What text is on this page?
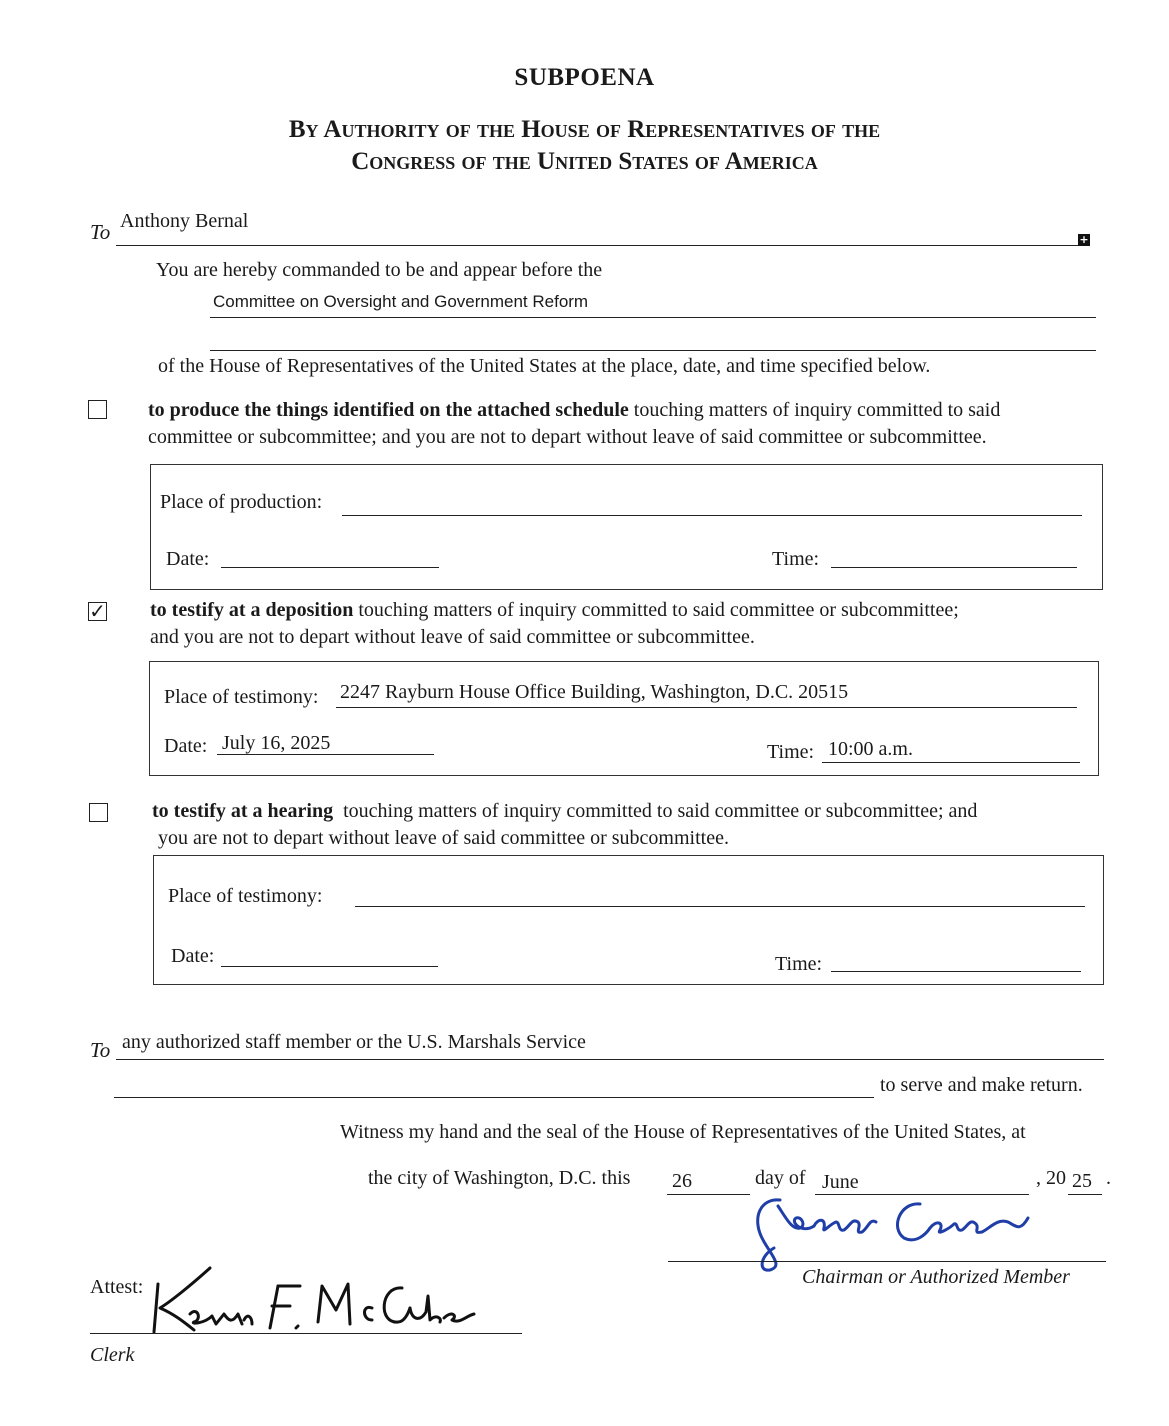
SUBPOENA
By Authority of the House of Representatives of the
Congress of the United States of America
To Anthony Bernal
+
You are hereby commanded to be and appear before the
Committee on Oversight and Government Reform
of the House of Representatives of the United States at the place, date, and time specified below.
to produce the things identified on the attached schedule touching matters of inquiry committed to said
committee or subcommittee; and you are not to depart without leave of said committee or subcommittee.
Place of production:
Date:	Time:
✓ to testify at a deposition touching matters of inquiry committed to said committee or subcommittee;
and you are not to depart without leave of said committee or subcommittee.
Place of testimony: 2247 Rayburn House Office Building, Washington, D.C. 20515
Date: July 16, 2025	Time: 10:00 a.m.
to testify at a hearing  touching matters of inquiry committed to said committee or subcommittee; and
you are not to depart without leave of said committee or subcommittee.
Place of testimony:
Date:	Time:
To any authorized staff member or the U.S. Marshals Service
to serve and make return.
Witness my hand and the seal of the House of Representatives of the United States, at
the city of Washington, D.C. this 26	day of June	, 20 25 .
Chairman or Authorized Member
Attest:
Clerk
